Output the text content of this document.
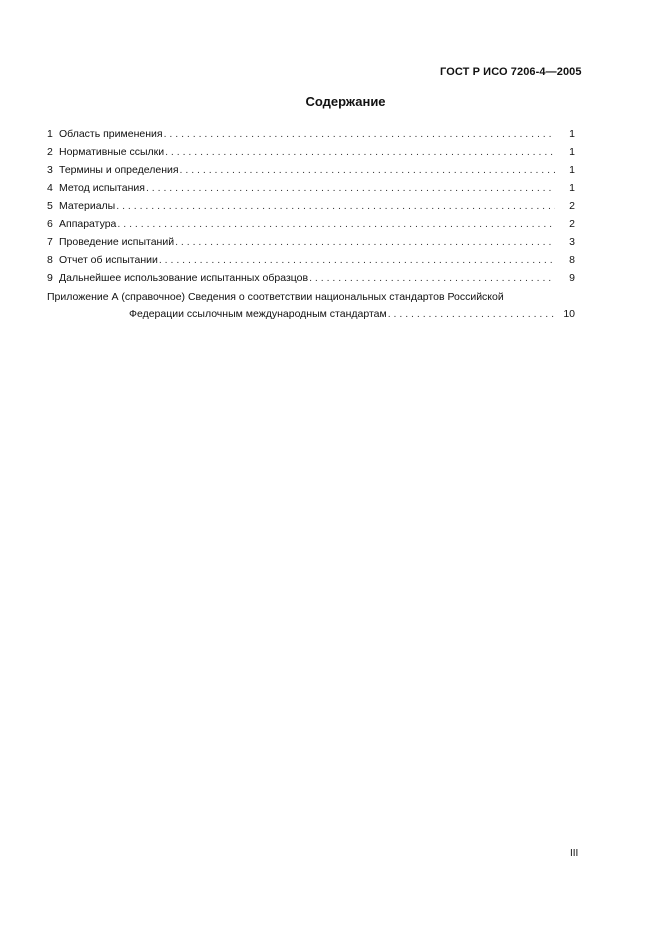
ГОСТ Р ИСО 7206-4—2005
Содержание
1 Область применения . . .	1
2 Нормативные ссылки . . .	1
3 Термины и определения . . .	1
4 Метод испытания . . .	1
5 Материалы . . .	2
6 Аппаратура . . .	2
7 Проведение испытаний . . .	3
8 Отчет об испытании . . .	8
9 Дальнейшее использование испытанных образцов . . .	9
Приложение А (справочное) Сведения о соответствии национальных стандартов Российской
Федерации ссылочным международным стандартам . . .	10
III
